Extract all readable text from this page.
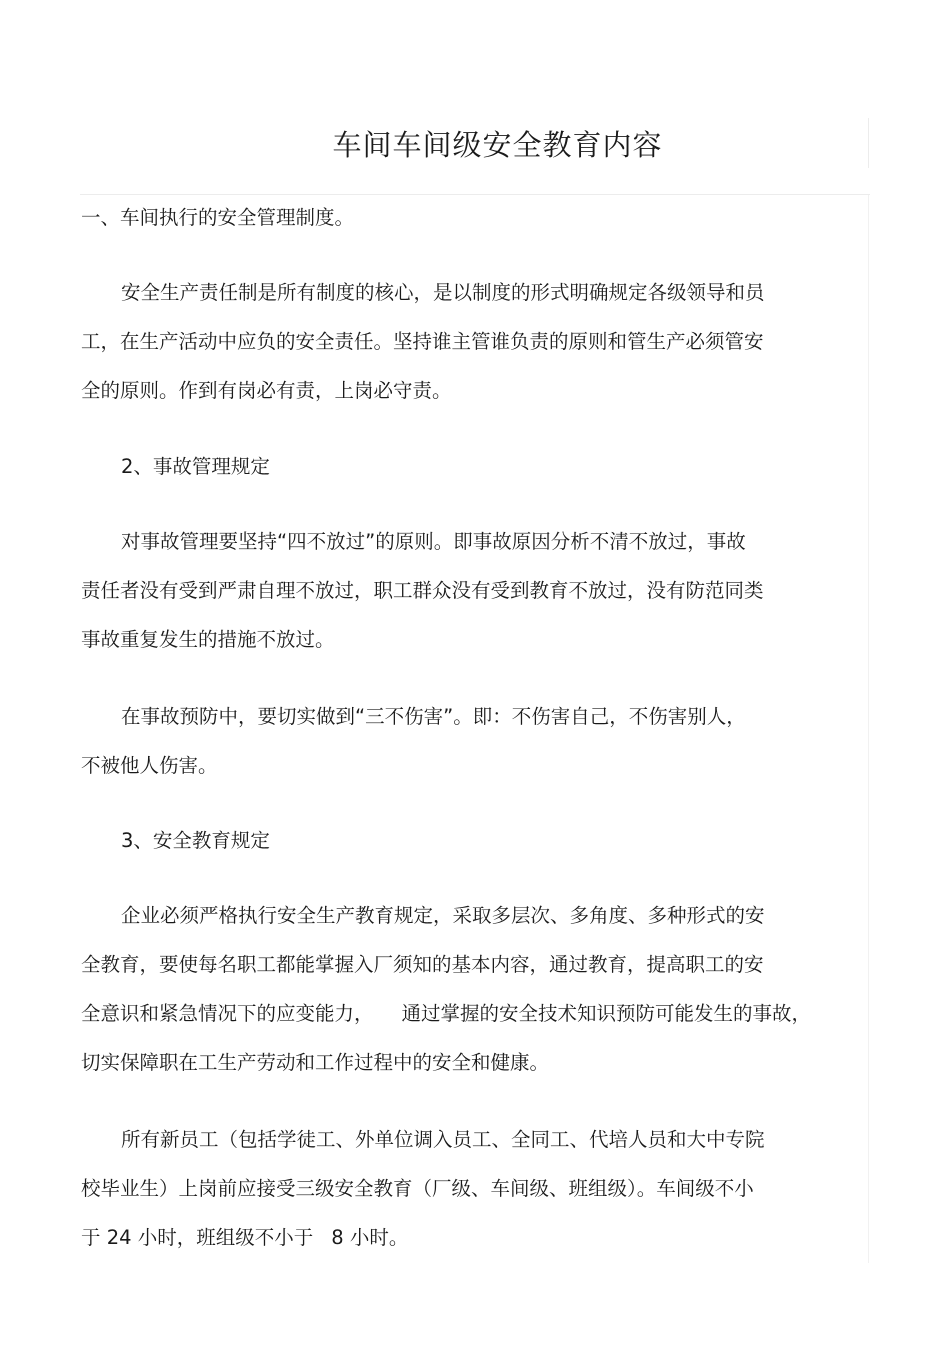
车间车间级安全教育内容
一、车间执行的安全管理制度。
安全生产责任制是所有制度的核心，是以制度的形式明确规定各级领导和员
工，在生产活动中应负的安全责任。坚持谁主管谁负责的原则和管生产必须管安
全的原则。作到有岗必有责，上岗必守责。
2、事故管理规定
对事故管理要坚持“四不放过”的原则。即事故原因分析不清不放过，事故
责任者没有受到严肃自理不放过，职工群众没有受到教育不放过，没有防范同类
事故重复发生的措施不放过。
在事故预防中，要切实做到“三不伤害”。即：不伤害自己，不伤害别人，
不被他人伤害。
3、安全教育规定
企业必须严格执行安全生产教育规定，采取多层次、多角度、多种形式的安
全教育，要使每名职工都能掌握入厂须知的基本内容，通过教育，提高职工的安
全意识和紧急情况下的应变能力， 通过掌握的安全技术知识预防可能发生的事故，
切实保障职在工生产劳动和工作过程中的安全和健康。
所有新员工（包括学徒工、外单位调入员工、全同工、代培人员和大中专院
校毕业生）上岗前应接受三级安全教育（厂级、车间级、班组级）。车间级不小
于 24 小时，班组级不小于 8 小时。
